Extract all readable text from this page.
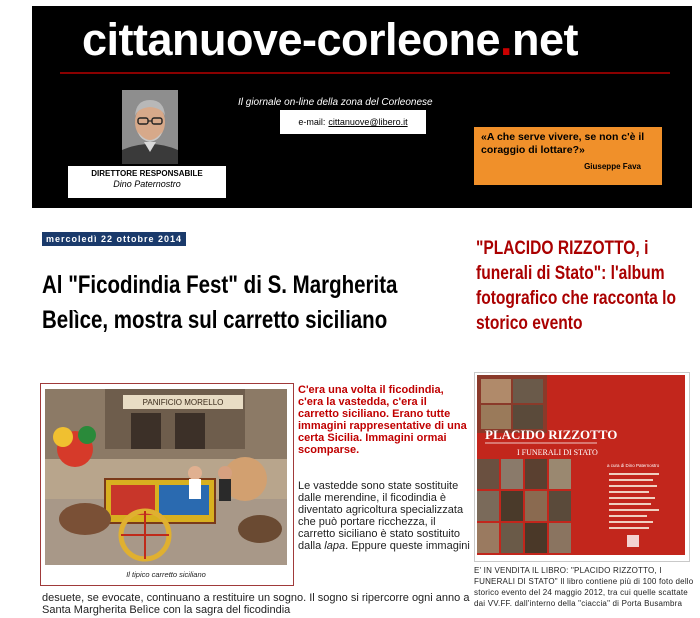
cittanuove-corleone.net
Il giornale on-line della zona del Corleonese
e-mail: cittanuove@libero.it
DIRETTORE RESPONSABILE
Dino Paternostro
«A che serve vivere, se non c'è il coraggio di lottare?»
Giuseppe Fava
mercoledì 22 ottobre 2014
Al "Ficodindia Fest" di S. Margherita Belìce, mostra sul carretto siciliano
PANIFICIO MORELLO
Il tipico carretto siciliano
C'era una volta il ficodindia, c'era la vastedda, c'era il carretto siciliano. Erano tutte immagini rappresentative di una certa Sicilia. Immagini ormai scomparse.
Le vastedde sono state sostituite dalle merendine, il ficodindia è diventato agricoltura specializzata che può portare ricchezza, il carretto siciliano è stato sostituito dalla lapa. Eppure queste immagini
desuete, se evocate, continuano a restituire un sogno. Il sogno si ripercorre ogni anno a Santa Margherita Belìce con la sagra del ficodindia
"PLACIDO RIZZOTTO, i funerali di Stato": l'album fotografico che racconta lo storico evento
PLACIDO RIZZOTTO
I FUNERALI DI STATO
a cura di Dino Paternostro
E' IN VENDITA IL LIBRO: "PLACIDO RIZZOTTO, I FUNERALI DI STATO" Il libro contiene più di 100 foto dello storico evento del 24 maggio 2012, tra cui quelle scattate dai VV.FF. dall'interno della "ciaccia" di Porta Busambra
